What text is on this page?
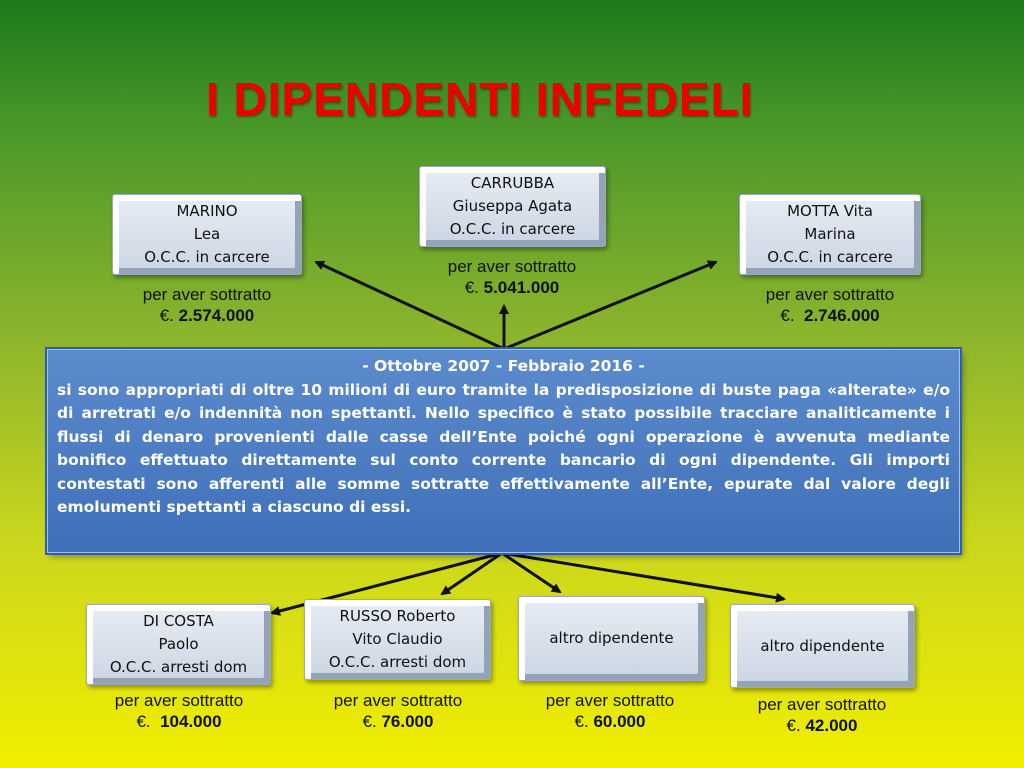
I DIPENDENTI INFEDELI
MARINO
Lea
O.C.C. in carcere
per aver sottratto
€. 2.574.000
CARRUBBA
Giuseppa Agata
O.C.C. in carcere
per aver sottratto
€. 5.041.000
MOTTA Vita
Marina
O.C.C. in carcere
per aver sottratto
€.  2.746.000
- Ottobre 2007 - Febbraio 2016 -
si sono appropriati di oltre 10 milioni di euro tramite la predisposizione di buste paga «alterate» e/o di arretrati e/o indennità non spettanti. Nello specifico è stato possibile tracciare analiticamente i flussi di denaro provenienti dalle casse dell’Ente poiché ogni operazione è avvenuta mediante bonifico effettuato direttamente sul conto corrente bancario di ogni dipendente. Gli importi contestati sono afferenti alle somme sottratte effettivamente all’Ente, epurate dal valore degli emolumenti spettanti a ciascuno di essi.
DI COSTA
Paolo
O.C.C. arresti dom
per aver sottratto
€.  104.000
RUSSO Roberto
Vito Claudio
O.C.C. arresti dom
per aver sottratto
€. 76.000
altro dipendente
per aver sottratto
€. 60.000
altro dipendente
per aver sottratto
€. 42.000
